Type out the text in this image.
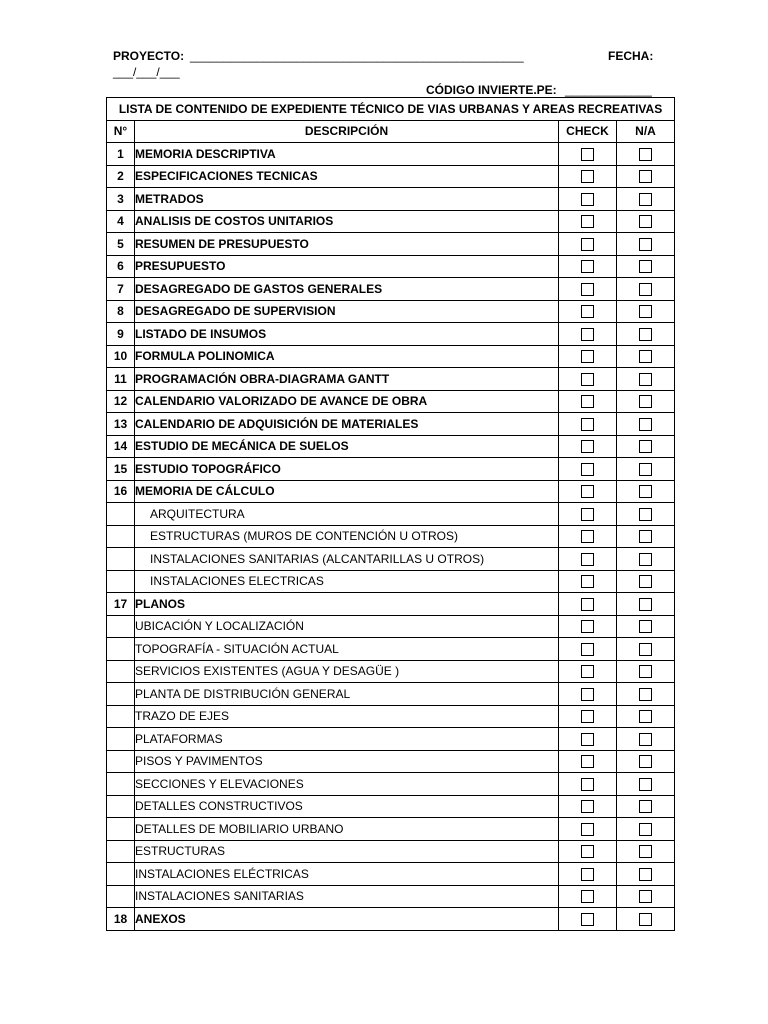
PROYECTO: __________________________________________________	FECHA:
___/___/___
CÓDIGO INVIERTE.PE: _____________
LISTA DE CONTENIDO DE EXPEDIENTE TÉCNICO DE VIAS URBANAS Y AREAS RECREATIVAS			
N°	DESCRIPCIÓN	CHECK	N/A
1	MEMORIA DESCRIPTIVA		
2	ESPECIFICACIONES TECNICAS		
3	METRADOS		
4	ANALISIS DE COSTOS UNITARIOS		
5	RESUMEN DE PRESUPUESTO		
6	PRESUPUESTO		
7	DESAGREGADO DE GASTOS GENERALES		
8	DESAGREGADO DE SUPERVISION		
9	LISTADO DE INSUMOS		
10	FORMULA POLINOMICA		
11	PROGRAMACIÓN OBRA-DIAGRAMA GANTT		
12	CALENDARIO VALORIZADO DE AVANCE DE OBRA		
13	CALENDARIO DE ADQUISICIÓN DE MATERIALES		
14	ESTUDIO DE MECÁNICA DE SUELOS		
15	ESTUDIO TOPOGRÁFICO		
16	MEMORIA DE CÁLCULO		
	ARQUITECTURA		
	ESTRUCTURAS (MUROS DE CONTENCIÓN U OTROS)		
	INSTALACIONES SANITARIAS (ALCANTARILLAS U OTROS)		
	INSTALACIONES ELECTRICAS		
17	PLANOS		
	UBICACIÓN Y LOCALIZACIÓN		
	TOPOGRAFÍA - SITUACIÓN ACTUAL		
	SERVICIOS EXISTENTES (AGUA Y DESAGÜE )		
	PLANTA DE DISTRIBUCIÓN GENERAL		
	TRAZO DE EJES		
	PLATAFORMAS		
	PISOS Y PAVIMENTOS		
	SECCIONES Y ELEVACIONES		
	DETALLES CONSTRUCTIVOS		
	DETALLES DE MOBILIARIO URBANO		
	ESTRUCTURAS		
	INSTALACIONES ELÉCTRICAS		
	INSTALACIONES SANITARIAS		
18	ANEXOS		
